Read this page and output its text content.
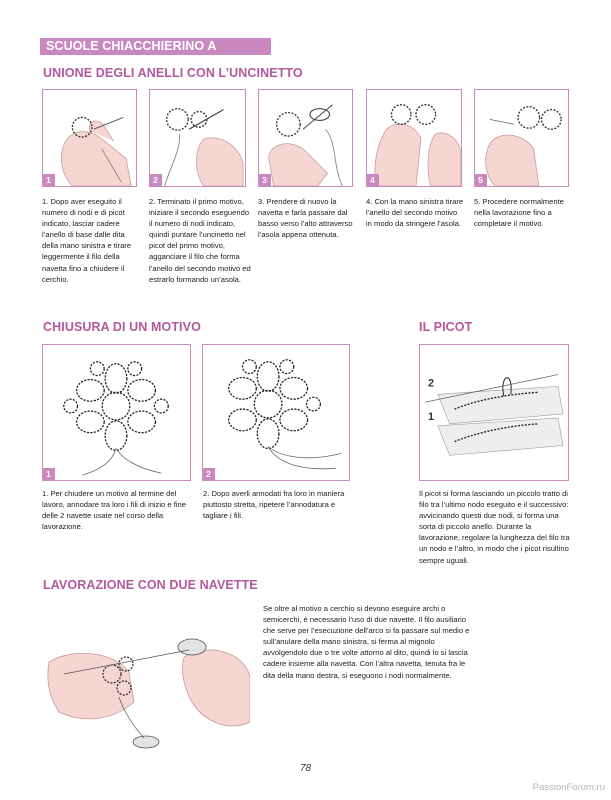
SCUOLE CHIACCHIERINO A NAVETTA
UNIONE DEGLI ANELLI CON L’UNCINETTO
1	2	3	4	5
1. Dopo aver eseguito il numero di nodi e di picot indicato, lasciar cadere l’anello di base dalle dita della mano sinistra e tirare leggermente il filo della navetta fino a chiudere il cerchio.
2. Terminato il primo motivo, iniziare il secondo eseguendo il numero di nodi indicato, quindi puntare l’uncinetto nel picot del primo motivo, agganciare il filo che forma l’anello del secondo motivo ed estrarlo formando un’asola.
3. Prendere di nuovo la navetta e farla passare dal basso verso l’alto attraverso l’asola appena ottenuta.
4. Con la mano sinistra tirare l’anello del secondo motivo in modo da stringere l’asola.
5. Procedere normalmente nella lavorazione fino a completare il motivo.
CHIUSURA DI UN MOTIVO
1	2
1. Per chiudere un motivo al termine del lavoro, annodare tra loro i fili di inizio e fine delle 2 navette usate nel corso della lavorazione.
2. Dopo averli annodati fra loro in maniera piuttosto stretta, ripetere l’annodatura e tagliare i fili.
IL PICOT
2
1
Il picot si forma lasciando un piccolo tratto di filo tra l’ultimo nodo eseguito e il successivo: avvicinando questi due nodi, si forma una sorta di piccolo anello. Durante la lavorazione, regolare la lunghezza del filo tra un nodo e l’altro, in modo che i picot risultino sempre uguali.
LAVORAZIONE CON DUE NAVETTE
Se oltre al motivo a cerchio si devono eseguire archi o semicerchi, è necessario l’uso di due navette. Il filo ausiliario che serve per l’esecuzione dell’arco si fa passare sul medio e sull’anulare della mano sinistra, si ferma al mignolo avvolgendolo due o tre volte attorno al dito, quindi lo si lascia cadere insieme alla navetta. Con l’altra navetta, tenuta fra le dita della mano destra, si eseguono i nodi normalmente.
78
PassionForum.ru
